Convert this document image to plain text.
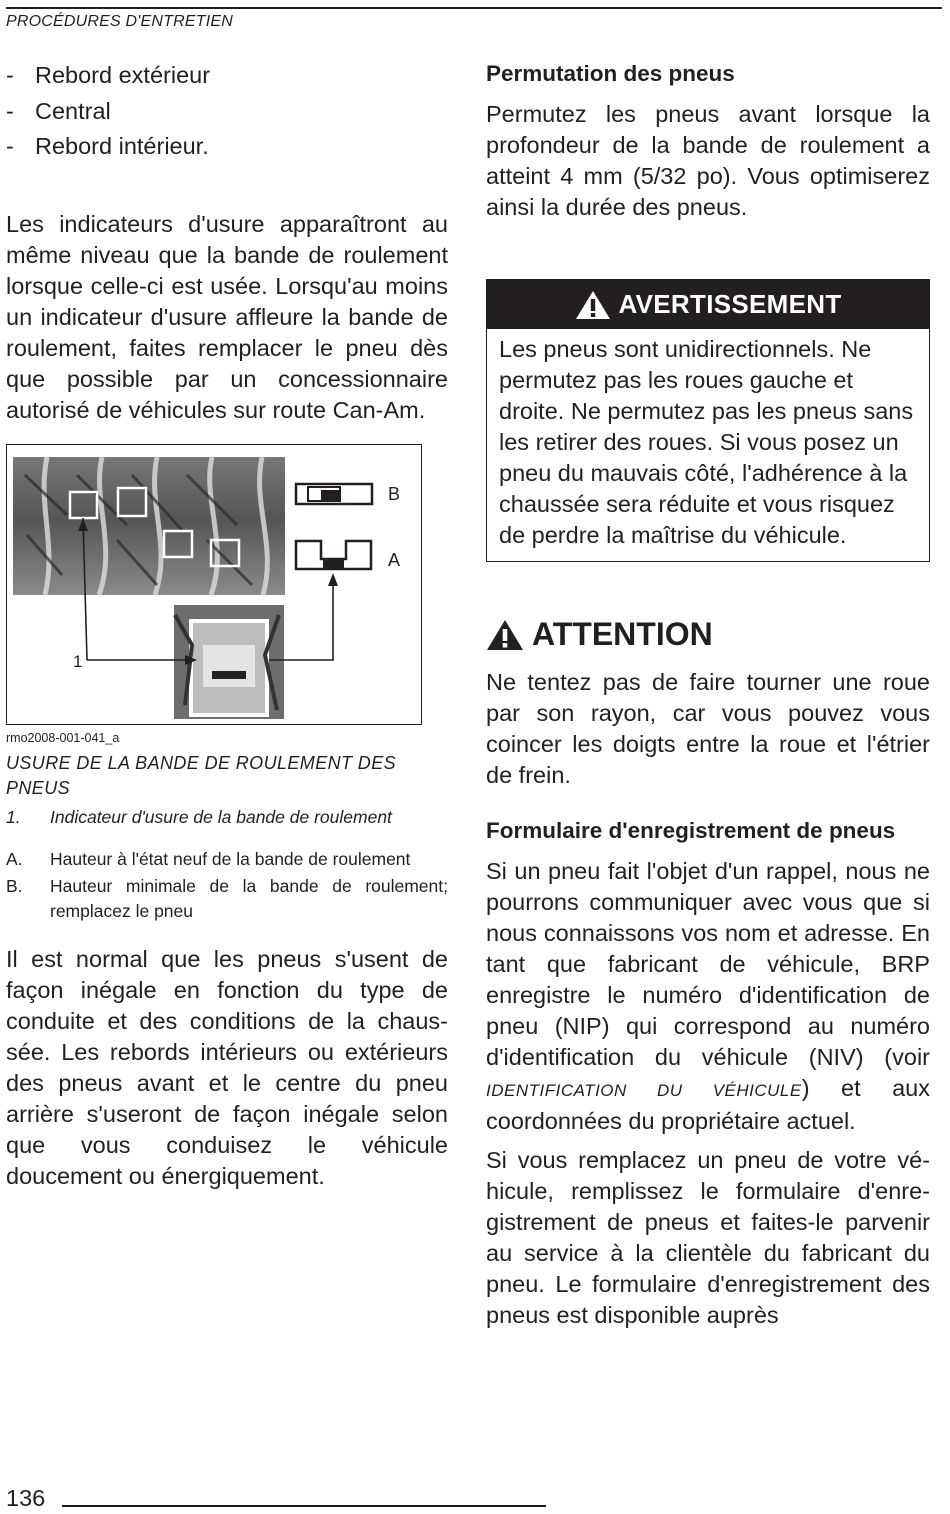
PROCÉDURES D'ENTRETIEN
- Rebord extérieur
- Central
- Rebord intérieur.

Les indicateurs d'usure apparaîtront au même niveau que la bande de roulement lorsque celle-ci est usée. Lorsqu'au moins un indicateur d'usure affleure la bande de roulement, faites remplacer le pneu dès que possible par un concessionnaire autorisé de véhicules sur route Can-Am.

1
B
A
rmo2008-001-041_a
USURE DE LA BANDE DE ROULEMENT DES PNEUS
1.	Indicateur d'usure de la bande de roulement
A.	Hauteur à l'état neuf de la bande de roulement
B.	Hauteur minimale de la bande de roulement; remplacez le pneu

Il est normal que les pneus s'usent de façon inégale en fonction du type de conduite et des conditions de la chaussée. Les rebords intérieurs ou extérieurs des pneus avant et le centre du pneu arrière s'useront de façon inégale selon que vous conduisez le véhicule doucement ou énergiquement.

Permutation des pneus

Permutez les pneus avant lorsque la profondeur de la bande de roulement a atteint 4 mm (5/32 po). Vous optimiserez ainsi la durée des pneus.

AVERTISSEMENT
Les pneus sont unidirectionnels. Ne permutez pas les roues gauche et droite. Ne permutez pas les pneus sans les retirer des roues. Si vous posez un pneu du mauvais côté, l'adhérence à la chaussée sera réduite et vous risquez de perdre la maîtrise du véhicule.
ATTENTION

Ne tentez pas de faire tourner une roue par son rayon, car vous pouvez vous coincer les doigts entre la roue et l'étrier de frein.

Formulaire d'enregistrement de pneus

Si un pneu fait l'objet d'un rappel, nous ne pourrons communiquer avec vous que si nous connaissons vos nom et adresse. En tant que fabricant de véhicule, BRP enregistre le numéro d'identification de pneu (NIP) qui correspond au numéro d'identification du véhicule (NIV) (voir IDENTIFICATION DU VÉHICULE) et aux coordonnées du propriétaire actuel.

Si vous remplacez un pneu de votre véhicule, remplissez le formulaire d'enregistrement de pneus et faites-le parvenir au service à la clientèle du fabricant du pneu. Le formulaire d'enregistrement des pneus est disponible auprès

136
